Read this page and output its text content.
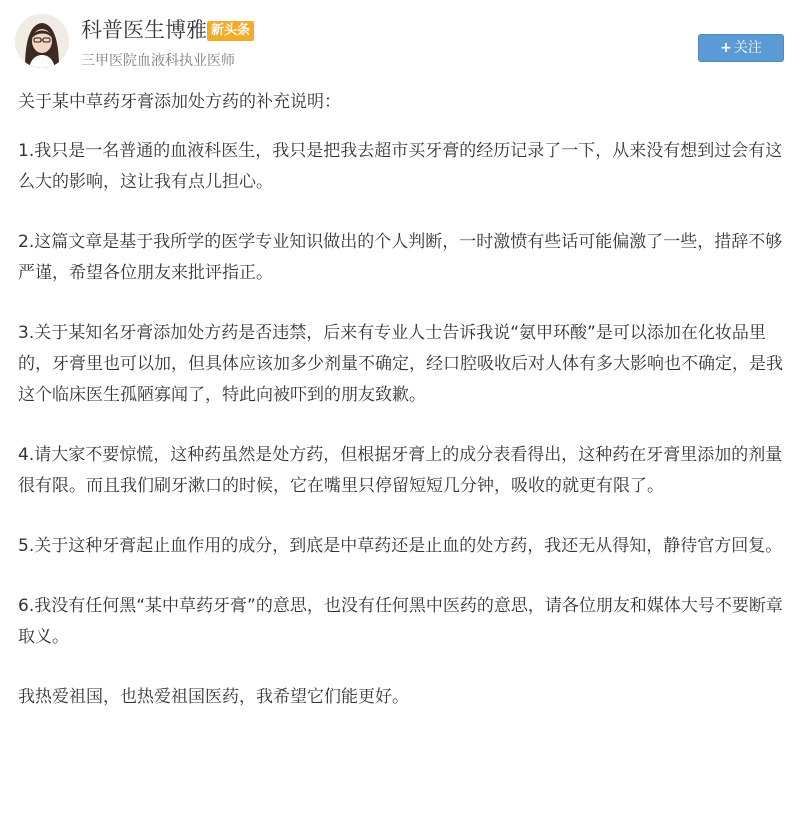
科普医生博雅 新头条
三甲医院血液科执业医师
+ 关注
关于某中草药牙膏添加处方药的补充说明：
1.我只是一名普通的血液科医生，我只是把我去超市买牙膏的经历记录了一下，从来没有想到过会有这么大的影响，这让我有点儿担心。
2.这篇文章是基于我所学的医学专业知识做出的个人判断，一时激愤有些话可能偏激了一些，措辞不够严谨，希望各位朋友来批评指正。
3.关于某知名牙膏添加处方药是否违禁，后来有专业人士告诉我说“氨甲环酸”是可以添加在化妆品里的，牙膏里也可以加，但具体应该加多少剂量不确定，经口腔吸收后对人体有多大影响也不确定，是我这个临床医生孤陋寡闻了，特此向被吓到的朋友致歉。
4.请大家不要惊慌，这种药虽然是处方药，但根据牙膏上的成分表看得出，这种药在牙膏里添加的剂量很有限。而且我们刷牙漱口的时候，它在嘴里只停留短短几分钟，吸收的就更有限了。
5.关于这种牙膏起止血作用的成分，到底是中草药还是止血的处方药，我还无从得知，静待官方回复。
6.我没有任何黑“某中草药牙膏”的意思，也没有任何黑中医药的意思，请各位朋友和媒体大号不要断章取义。
我热爱祖国，也热爱祖国医药，我希望它们能更好。
